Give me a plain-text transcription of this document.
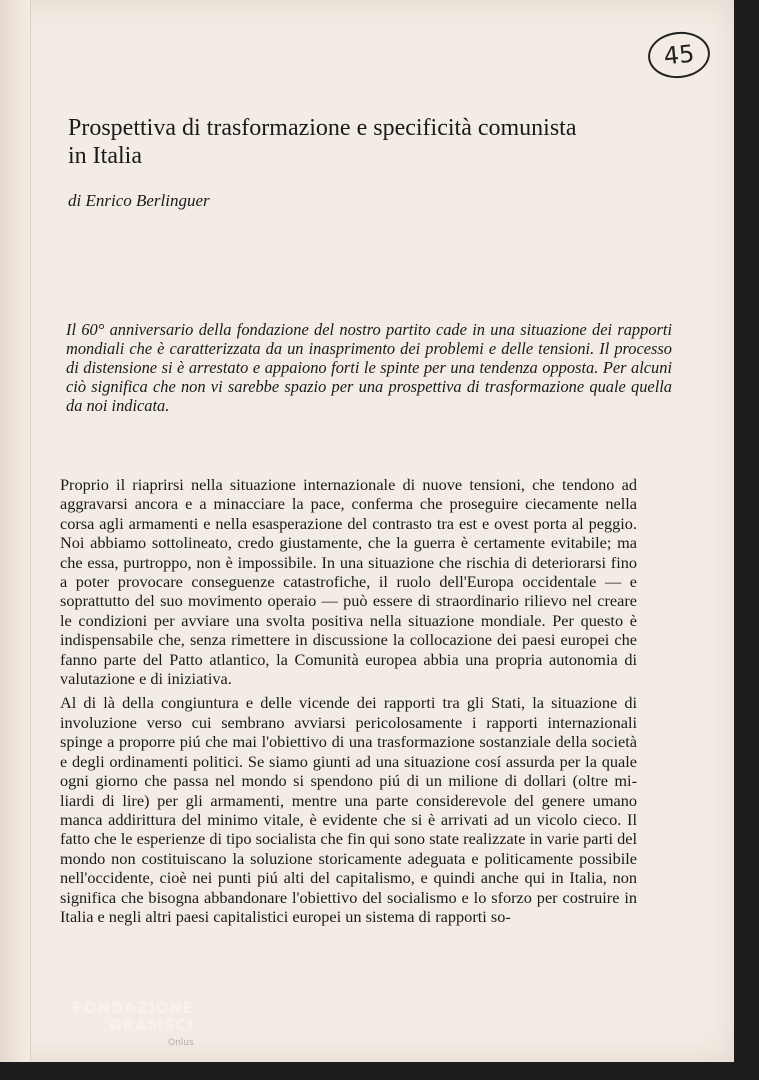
45
Prospettiva di trasformazione e specificità comunista in Italia

di Enrico Berlinguer

Il 60° anniversario della fondazione del nostro partito cade in una situazione dei rapporti mondiali che è caratterizzata da un inasprimento dei problemi e delle tensioni. Il processo di distensione si è arrestato e appaiono forti le spinte per una tendenza opposta. Per alcuni ciò significa che non vi sarebbe spazio per una prospettiva di trasformazione quale quella da noi indicata.

Proprio il riaprirsi nella situazione internazionale di nuove tensioni, che tendono ad aggravarsi ancora e a minacciare la pace, conferma che proseguire ciecamente nella corsa agli armamenti e nella esasperazione del contrasto tra est e ovest porta al peggio. Noi abbiamo sottolineato, credo giustamente, che la guerra è certamente evitabile; ma che essa, purtroppo, non è impossibile. In una situazione che rischia di deteriorarsi fino a poter provocare conseguenze catastrofiche, il ruolo dell'Europa occidentale — e soprattutto del suo movimento operaio — può essere di straordinario rilievo nel creare le condizioni per avviare una svolta positiva nella situazione mondiale. Per questo è indispensabile che, senza rimettere in discussione la collocazione dei paesi europei che fanno parte del Patto atlantico, la Comunità europea abbia una propria autonomia di valutazione e di iniziativa.

Al di là della congiuntura e delle vicende dei rapporti tra gli Stati, la situazione di involuzione verso cui sembrano avviarsi pericolosamente i rapporti internazionali spinge a proporre piú che mai l'obiettivo di una trasformazione sostanziale della società e degli ordinamenti politici. Se siamo giunti ad una situazione cosí assurda per la quale ogni giorno che passa nel mondo si spendono piú di un milione di dollari (oltre mi- liardi di lire) per gli armamenti, mentre una parte considerevole del genere umano manca addirittura del minimo vitale, è evidente che si è arrivati ad un vicolo cieco. Il fatto che le esperienze di tipo socialista che fin qui sono state realizzate in varie parti del mondo non costituiscano la soluzione storicamente adeguata e politicamente possibile nell'occidente, cioè nei punti piú alti del capitalismo, e quindi anche qui in Italia, non significa che bisogna abbandonare l'obiettivo del socialismo e lo sforzo per costruire in Italia e negli altri paesi capitalistici europei un sistema di rapporti so-

FONDAZIONE
GRAMSCI
Onlus
